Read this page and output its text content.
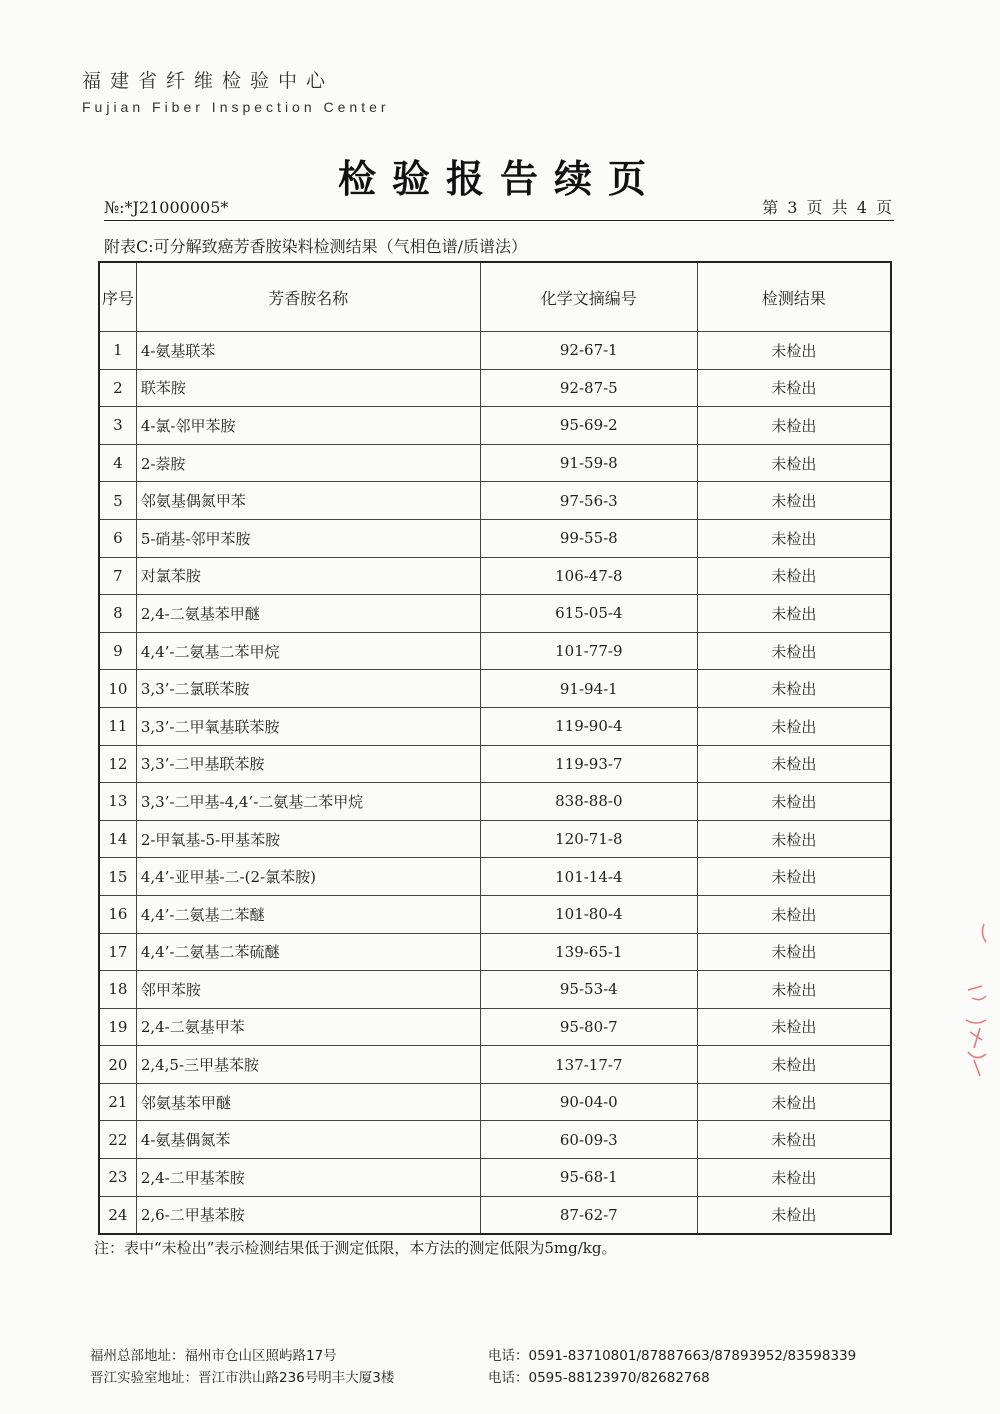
福建省纤维检验中心
Fujian Fiber Inspection Center
检验报告续页
№:*J21000005*	第 3 页 共 4 页
附表C:可分解致癌芳香胺染料检测结果（气相色谱/质谱法）
序号	芳香胺名称	化学文摘编号	检测结果
1	4-氨基联苯	92-67-1	未检出
2	联苯胺	92-87-5	未检出
3	4-氯-邻甲苯胺	95-69-2	未检出
4	2-萘胺	91-59-8	未检出
5	邻氨基偶氮甲苯	97-56-3	未检出
6	5-硝基-邻甲苯胺	99-55-8	未检出
7	对氯苯胺	106-47-8	未检出
8	2,4-二氨基苯甲醚	615-05-4	未检出
9	4,4’-二氨基二苯甲烷	101-77-9	未检出
10	3,3’-二氯联苯胺	91-94-1	未检出
11	3,3’-二甲氧基联苯胺	119-90-4	未检出
12	3,3’-二甲基联苯胺	119-93-7	未检出
13	3,3’-二甲基-4,4’-二氨基二苯甲烷	838-88-0	未检出
14	2-甲氧基-5-甲基苯胺	120-71-8	未检出
15	4,4’-亚甲基-二-(2-氯苯胺)	101-14-4	未检出
16	4,4’-二氨基二苯醚	101-80-4	未检出
17	4,4’-二氨基二苯硫醚	139-65-1	未检出
18	邻甲苯胺	95-53-4	未检出
19	2,4-二氨基甲苯	95-80-7	未检出
20	2,4,5-三甲基苯胺	137-17-7	未检出
21	邻氨基苯甲醚	90-04-0	未检出
22	4-氨基偶氮苯	60-09-3	未检出
23	2,4-二甲基苯胺	95-68-1	未检出
24	2,6-二甲基苯胺	87-62-7	未检出
注：表中“未检出”表示检测结果低于测定低限，本方法的测定低限为5mg/kg。
福州总部地址：福州市仓山区照屿路17号	电话：0591-83710801/87887663/87893952/83598339
晋江实验室地址：晋江市洪山路236号明丰大厦3楼	电话：0595-88123970/82682768
